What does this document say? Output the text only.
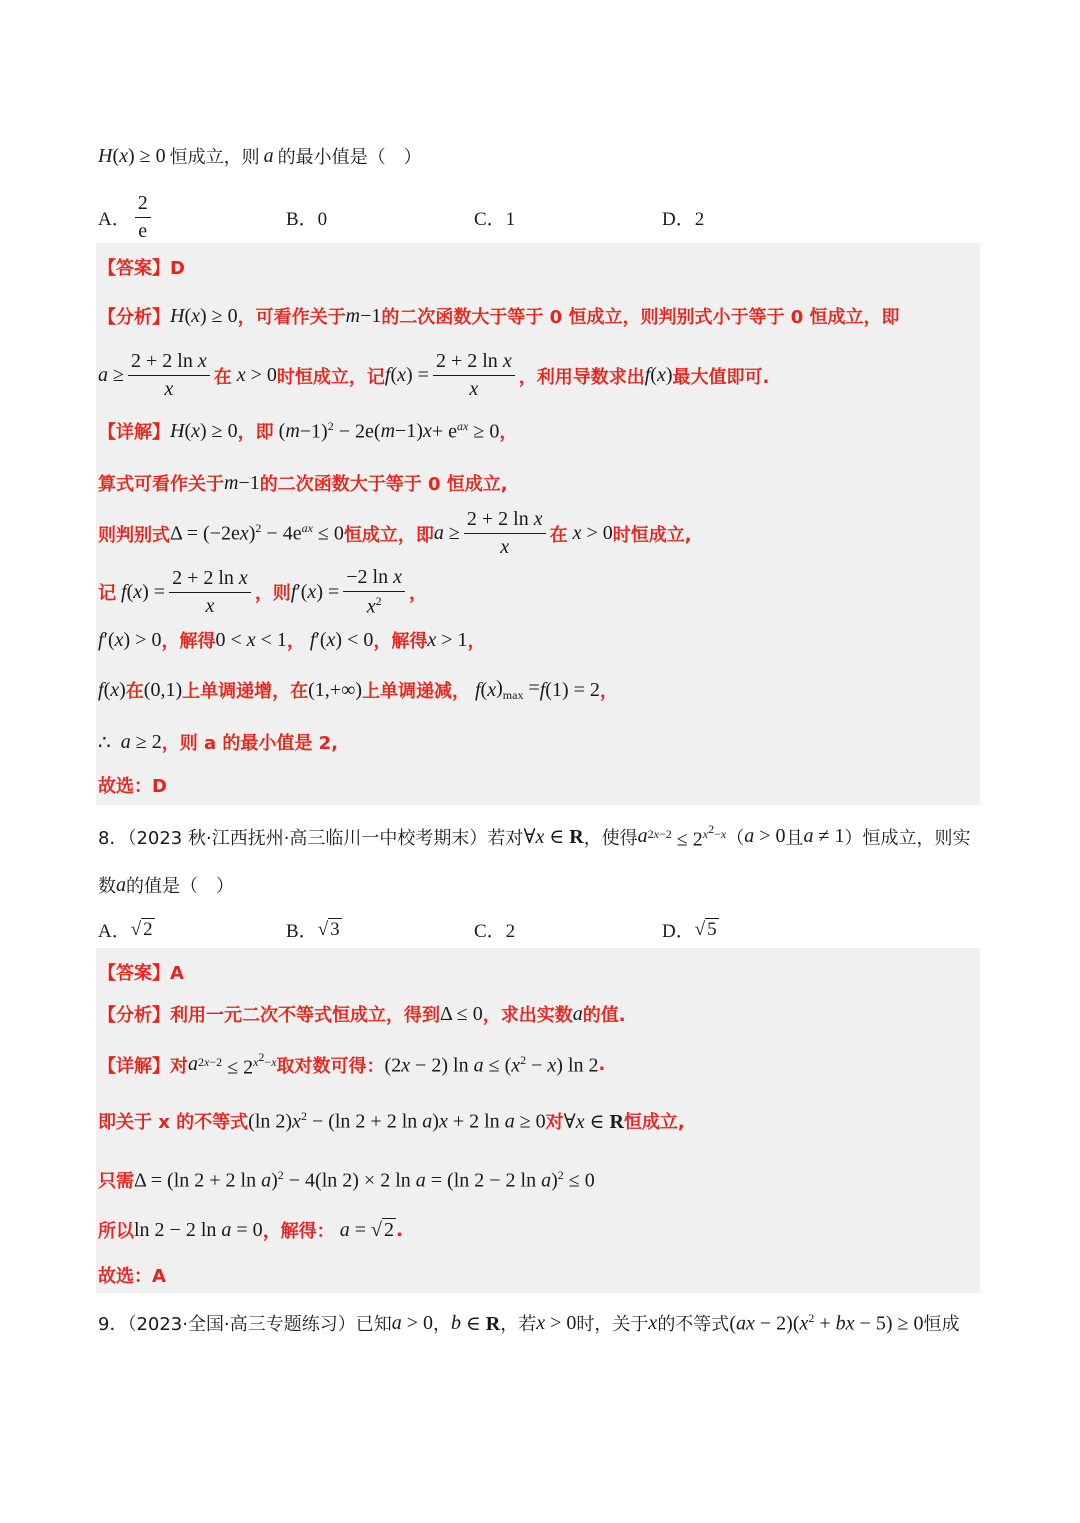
H ( x ) ≥ 0 恒成立，则 a 的最小值是（　）
A． $\frac{2}{e}$	B．0	C．1	D．2
【答案】D
【分析】 H ( x ) ≥ 0 ，可看作关于 m −1 的二次函数大于等于 0 恒成立，则判别式小于等于 0 恒成立，即
$a \ge \frac{\text{2 + 2 ln x}}{x}$ 在 x > 0 时恒成立，记 f ( x ) = $\frac{\text{2 + 2 ln x}}{x}$ ，利用导数求出 f ( x ) 最大值即可.
【详解】 H ( x ) ≥ 0 ，即 ( m −1)$^2$ − 2e( m −1) $x + e^{ax} \ge 0$ ，
算式可看作关于 m −1 的二次函数大于等于 0 恒成立,
则判别式 $\Delta = (-2ex)^2 - 4e^{ax} \le 0$ 恒成立，即 $a \ge \frac{\text{2 + 2 ln x}}{x}$ 在 x > 0 时恒成立,
记 f ( x ) = $\frac{\text{2 + 2 ln x}}{x}$ ，则 f ′( x ) = $\frac{\text{−2 ln x}}{x^2}$ ，
f ′( x ) > 0 ，解得 0 < x < 1 ， f ′( x ) < 0 ，解得 x > 1 ，
f ( x ) 在 (0,1) 上单调递增，在 (1,+∞) 上单调递减， f ( x )$_{max} = f$ (1) = 2 ，
∴ a ≥ 2 ，则 a 的最小值是 2,
故选：D
8．（2023 秋·江西抚州·高三临川一中校考期末）若对 ∀x ∈ R ，使得 a $^{2x-2} \le 2^{x^2-x}$ （ a > 0 且 a ≠ 1 ）恒成立，则实
数 a 的值是（　）
A． √ 2	B． √ 3	C．2	D． √ 5
【答案】A
【分析】 利用一元二次不等式恒成立，得到 Δ ≤ 0 ，求出实数 a 的值.
【详解】 对 a $^{2x-2} \le 2^{x^2-x}$ 取对数可得： (2x − 2) $\ln a \le (x^2 - x)$ ln 2 .
即关于 x 的不等式 (ln $2)x^2 - (\ln$ 2 + 2 ln a)x + 2 ln a ≥ 0 对 ∀x ∈ R 恒成立,
只需 Δ = (ln 2 + 2 ln a)$^2$ − 4(ln 2) × 2 ln a = (ln 2 − 2 ln a)$^2$ ≤ 0
所以 ln 2 − 2 ln a = 0 ，解得： a = √ 2 .
故选：A
9．（2023·全国·高三专题练习）已知 a > 0 ， b ∈ R ，若 x > 0 时，关于 x 的不等式 $(ax - 2)(x^2$ + bx − 5) ≥ 0 恒成
